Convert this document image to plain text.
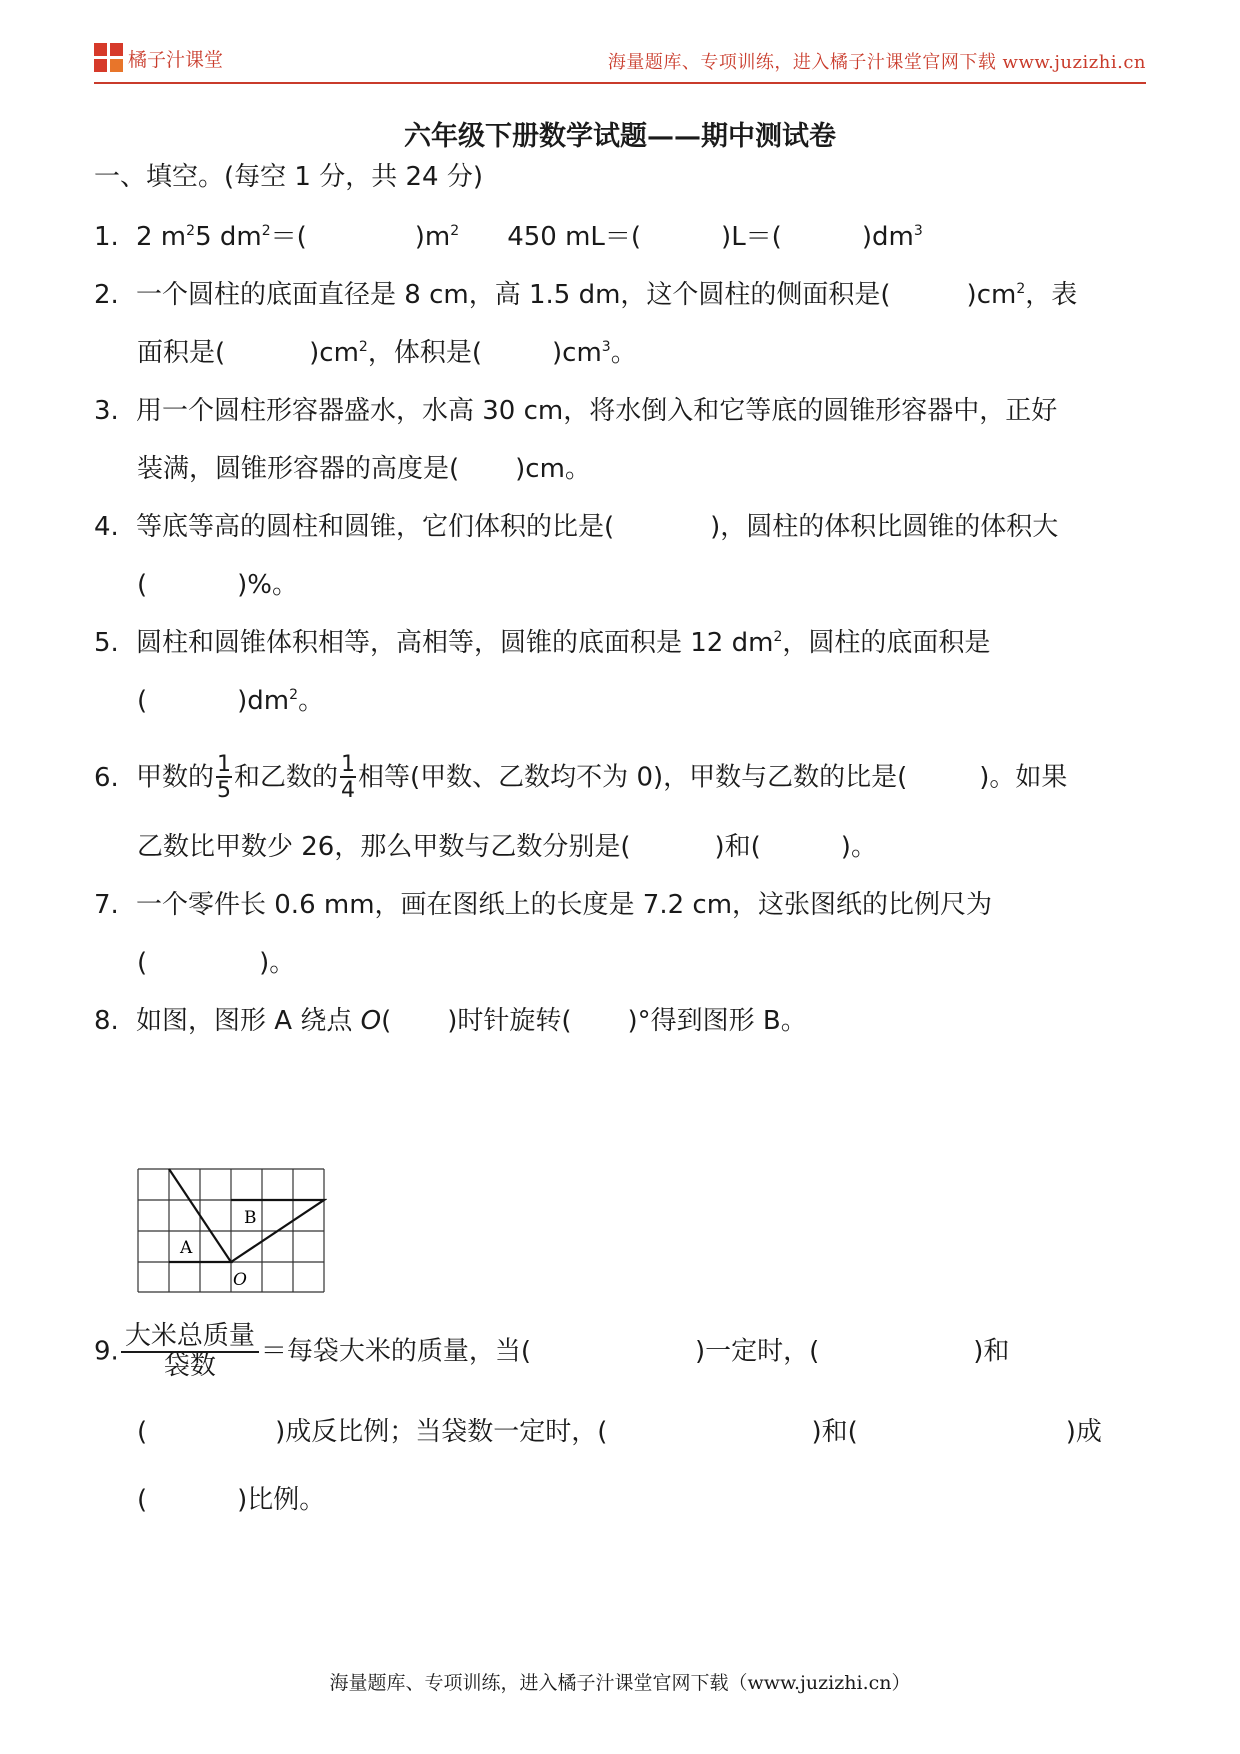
橘子汁课堂	海量题库、专项训练，进入橘子汁课堂官网下载 www.juzizhi.cn
六年级下册数学试题——期中测试卷
一、填空。(每空 1 分，共 24 分)
1. 2 $m^25$ $dm^2=$(	)$m^2$ 450 mL＝(	)L＝(	)$dm^3$
2. 一个圆柱的底面直径是 8 cm，高 1.5 dm，这个圆柱的侧面积是(	)$cm^2$，表
面积是(	)$cm^2$，体积是(	)$cm^3$。
3. 用一个圆柱形容器盛水，水高 30 cm，将水倒入和它等底的圆锥形容器中，正好
装满，圆锥形容器的高度是( )cm。
4. 等底等高的圆柱和圆锥，它们体积的比是(	)，圆柱的体积比圆锥的体积大
(	)%。
5. 圆柱和圆锥体积相等，高相等，圆锥的底面积是 12 $dm^2$，圆柱的底面积是
(	)$dm^2$。
6. 甲数的 $\frac{1}{5}$ 和乙数的 $\frac{1}{4}$ 相等(甲数、乙数均不为 0)，甲数与乙数的比是(	)。如果
乙数比甲数少 26，那么甲数与乙数分别是(	)和(	)。
7. 一个零件长 0.6 mm，画在图纸上的长度是 7.2 cm，这张图纸的比例尺为
(	)。
8. 如图，图形 A 绕点 O( )时针旋转( )°得到图形 B。
A
B
O
9. $\frac{\text{大米总质量}}{\text{袋数}}$ ＝每袋大米的质量，当(	)一定时，(	)和
(	)成反比例；当袋数一定时，(	)和(	)成
(	)比例。
海量题库、专项训练，进入橘子汁课堂官网下载（www.juzizhi.cn）
